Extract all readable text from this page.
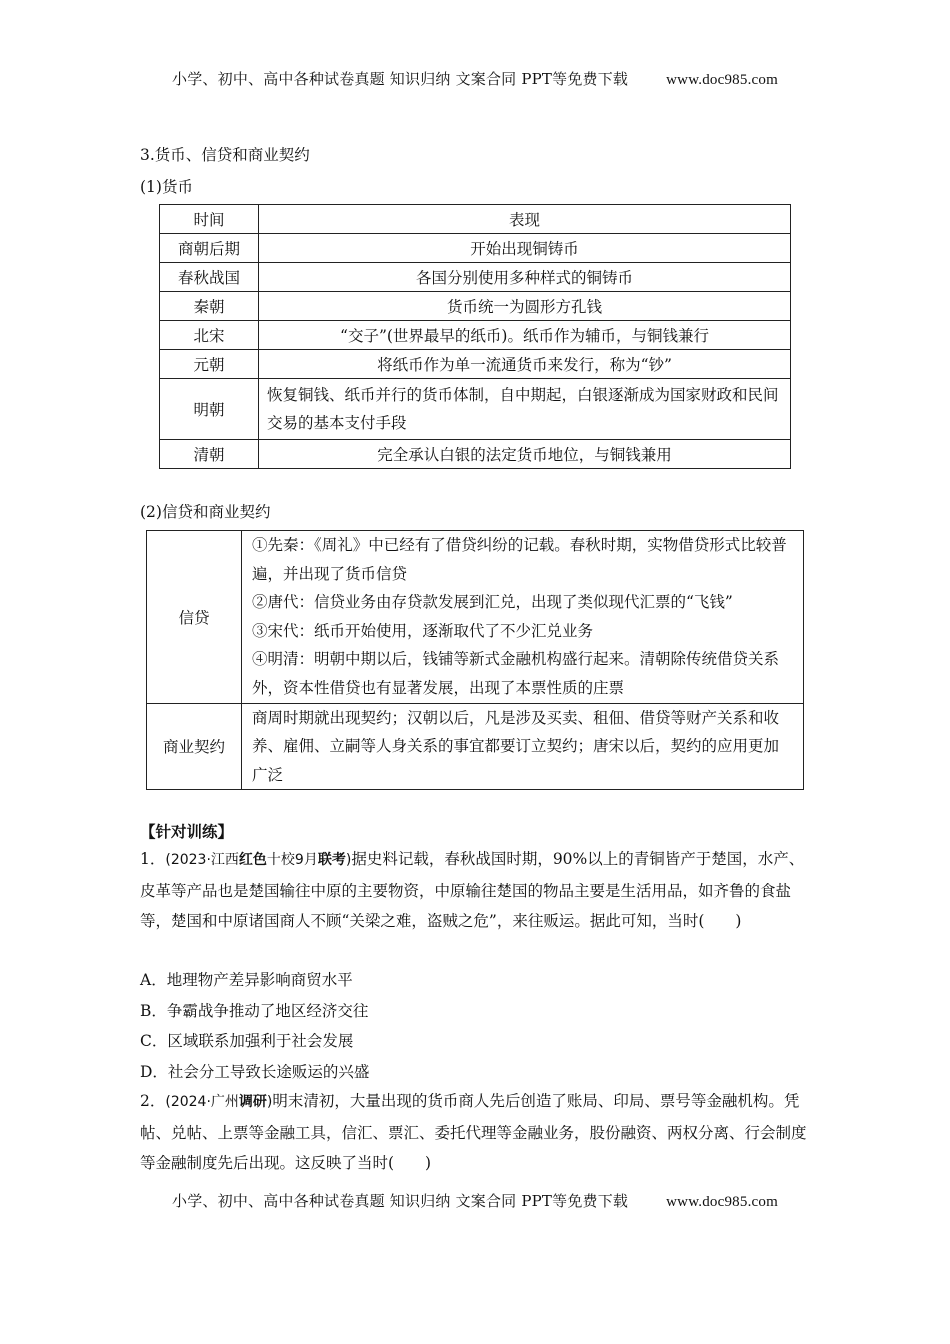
小学、初中、高中各种试卷真题 知识归纳 文案合同 PPT等免费下载	www.doc985.com
3.货币、信贷和商业契约
(1)货币
时间	表现
商朝后期	开始出现铜铸币
春秋战国	各国分别使用多种样式的铜铸币
秦朝	货币统一为圆形方孔钱
北宋	“交子”(世界最早的纸币)。纸币作为辅币，与铜钱兼行
元朝	将纸币作为单一流通货币来发行，称为“钞”
明朝	恢复铜钱、纸币并行的货币体制，自中期起，白银逐渐成为国家财政和民间交易的基本支付手段
清朝	完全承认白银的法定货币地位，与铜钱兼用
(2)信贷和商业契约
信贷	①先秦：《周礼》中已经有了借贷纠纷的记载。春秋时期，实物借贷形式比较普遍，并出现了货币信贷

②唐代：信贷业务由存贷款发展到汇兑，出现了类似现代汇票的“飞钱”

③宋代：纸币开始使用，逐渐取代了不少汇兑业务

④明清：明朝中期以后，钱铺等新式金融机构盛行起来。清朝除传统借贷关系外，资本性借贷也有显著发展，出现了本票性质的庄票

商业契约	商周时期就出现契约；汉朝以后，凡是涉及买卖、租佃、借贷等财产关系和收养、雇佣、立嗣等人身关系的事宜都要订立契约；唐宋以后，契约的应用更加广泛
【针对训练】
1．(2023·江西红色十校9月联考)据史料记载，春秋战国时期，90%以上的青铜皆产于楚国，水产、皮革等产品也是楚国输往中原的主要物资，中原输往楚国的物品主要是生活用品，如齐鲁的食盐等，楚国和中原诸国商人不顾“关梁之难，盗贼之危”，来往贩运。据此可知，当时(　　)
A．地理物产差异影响商贸水平
B．争霸战争推动了地区经济交往
C．区域联系加强利于社会发展
D．社会分工导致长途贩运的兴盛
2．(2024·广州调研)明末清初，大量出现的货币商人先后创造了账局、印局、票号等金融机构。凭帖、兑帖、上票等金融工具，信汇、票汇、委托代理等金融业务，股份融资、两权分离、行会制度等金融制度先后出现。这反映了当时(　　)
小学、初中、高中各种试卷真题 知识归纳 文案合同 PPT等免费下载	www.doc985.com
